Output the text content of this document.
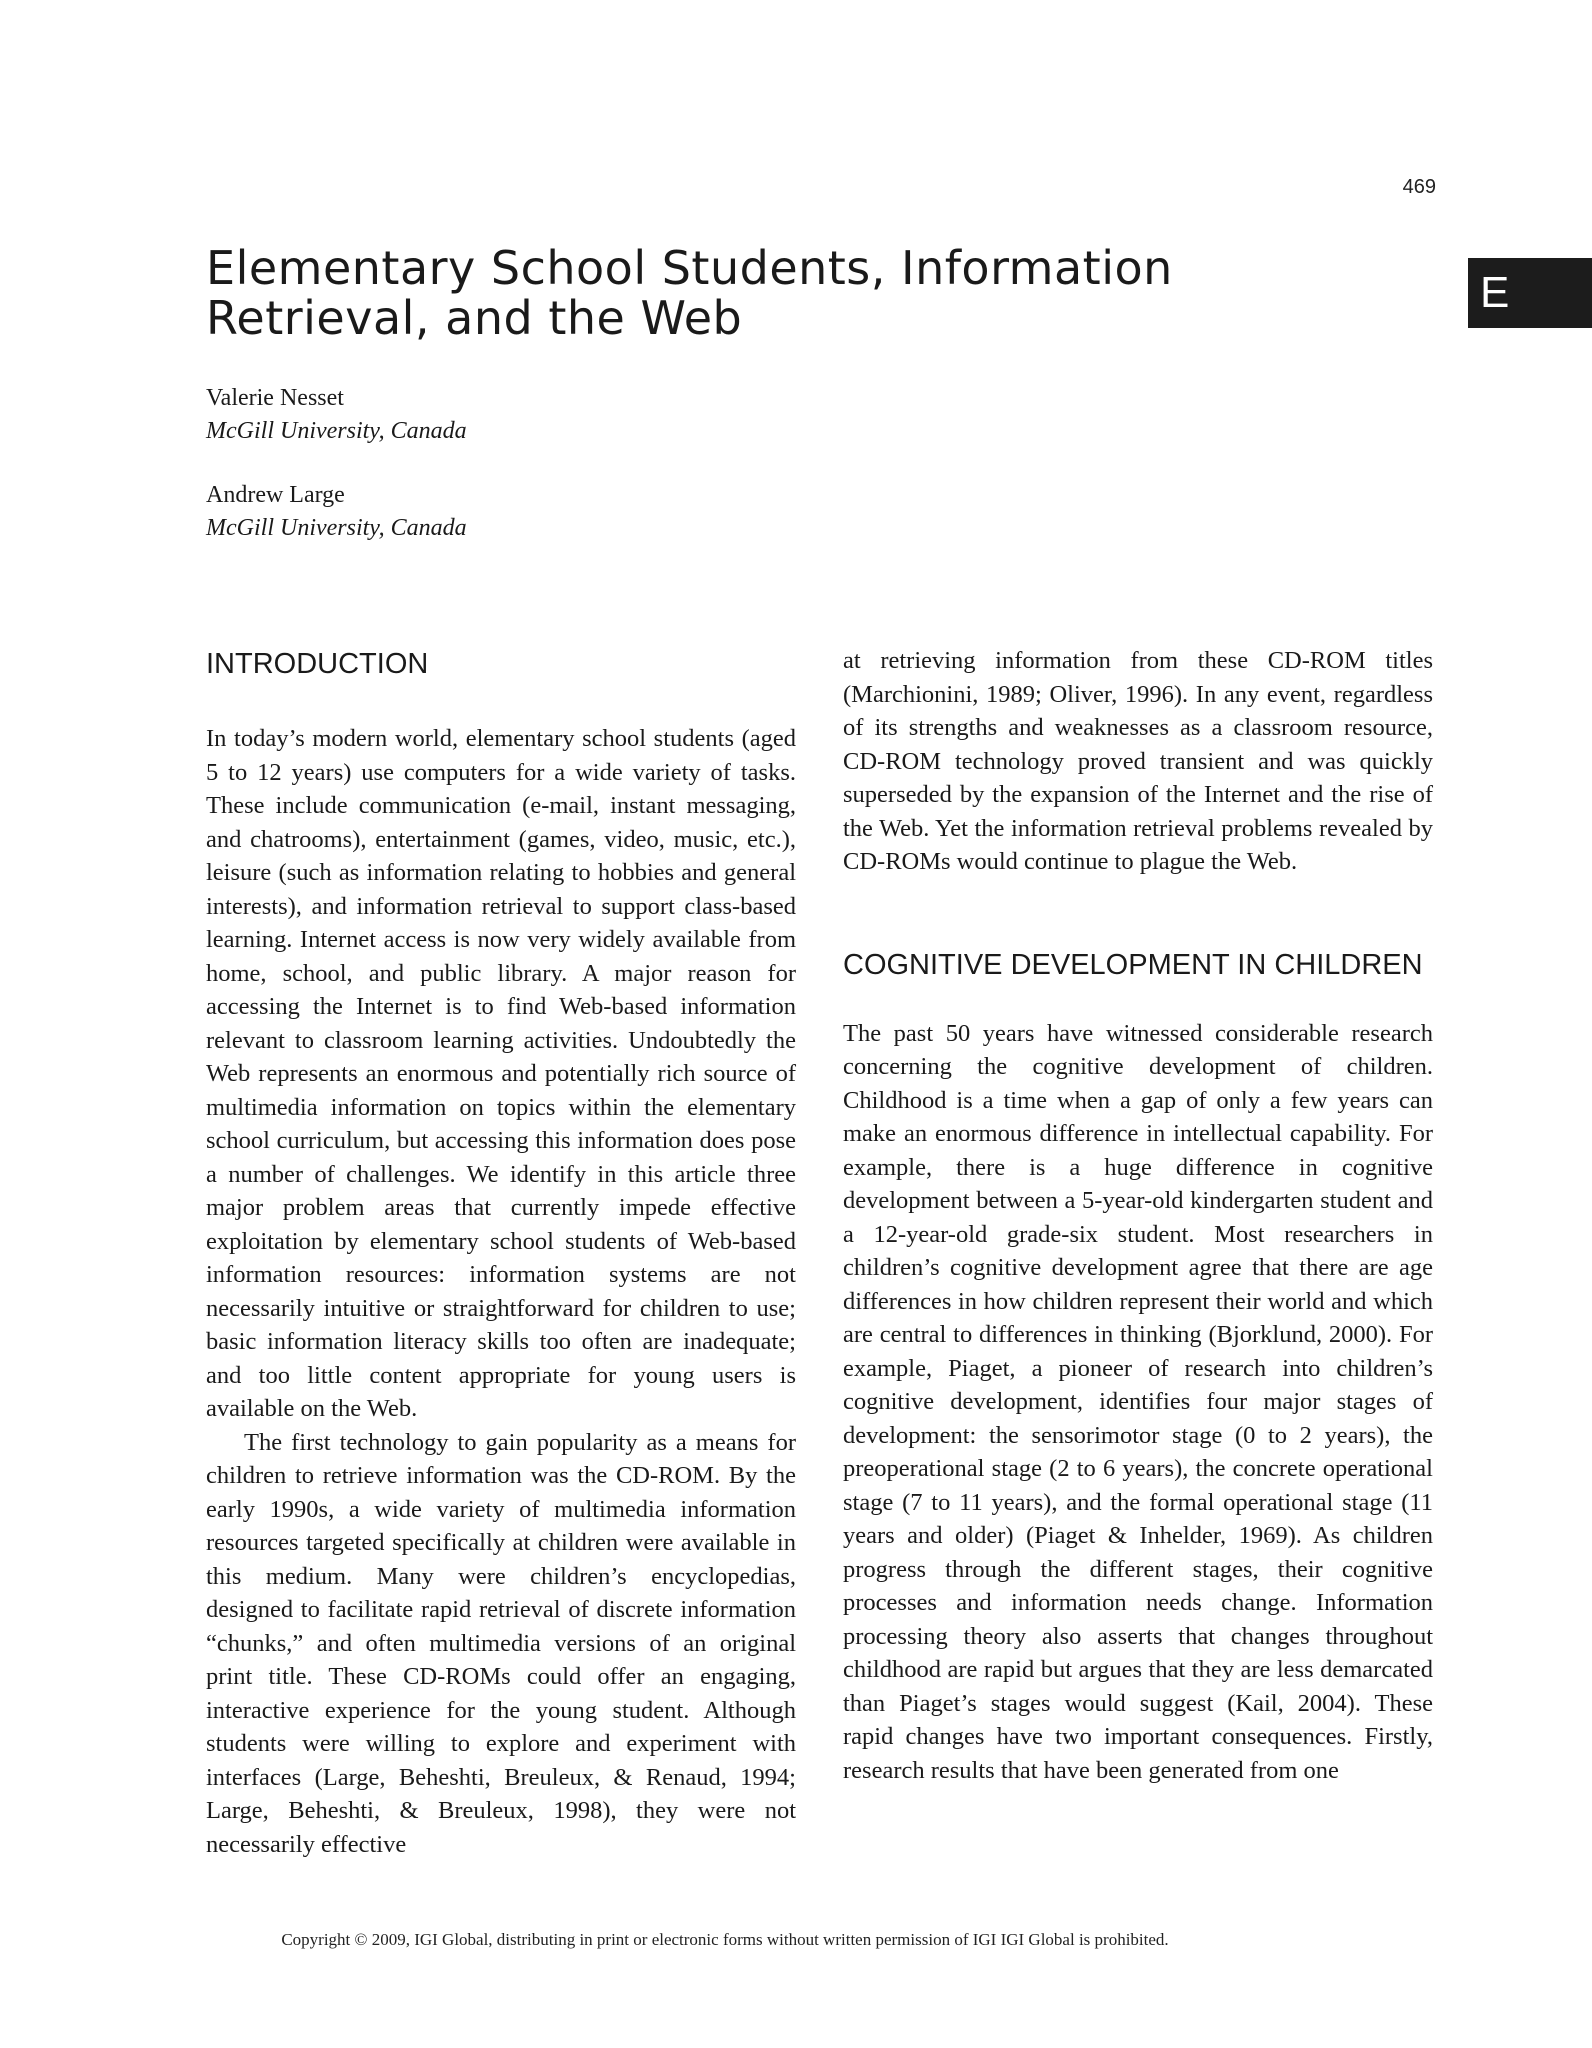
469
E
Elementary School Students, Information Retrieval, and the Web
Valerie Nesset
McGill University, Canada
Andrew Large
McGill University, Canada
INTRODUCTION

In today’s modern world, elementary school students (aged 5 to 12 years) use computers for a wide variety of tasks. These include communication (e-mail, instant messaging, and chatrooms), entertainment (games, video, music, etc.), leisure (such as information relating to hobbies and general interests), and information retrieval to support class-based learning. Internet access is now very widely available from home, school, and public library. A major reason for accessing the Internet is to find Web-based information relevant to classroom learning activities. Undoubtedly the Web represents an enormous and potentially rich source of multimedia information on topics within the elementary school curriculum, but accessing this information does pose a number of challenges. We identify in this article three major problem areas that currently impede effective exploitation by elementary school students of Web-based information resources: information systems are not necessarily intuitive or straightforward for children to use; basic information literacy skills too often are inadequate; and too little content appropriate for young users is available on the Web.

The first technology to gain popularity as a means for children to retrieve information was the CD-ROM. By the early 1990s, a wide variety of multimedia information resources targeted specifically at children were available in this medium. Many were children’s encyclopedias, designed to facilitate rapid retrieval of discrete information “chunks,” and often multimedia versions of an original print title. These CD-ROMs could offer an engaging, interactive experience for the young student. Although students were willing to explore and experiment with interfaces (Large, Beheshti, Breuleux, & Renaud, 1994; Large, Beheshti, & Breuleux, 1998), they were not necessarily effective

at retrieving information from these CD-ROM titles (Marchionini, 1989; Oliver, 1996). In any event, regardless of its strengths and weaknesses as a classroom resource, CD-ROM technology proved transient and was quickly superseded by the expansion of the Internet and the rise of the Web. Yet the information retrieval problems revealed by CD-ROMs would continue to plague the Web.

COGNITIVE DEVELOPMENT IN CHILDREN

The past 50 years have witnessed considerable research concerning the cognitive development of children. Childhood is a time when a gap of only a few years can make an enormous difference in intellectual capability. For example, there is a huge difference in cognitive development between a 5-year-old kindergarten student and a 12-year-old grade-six student. Most researchers in children’s cognitive development agree that there are age differences in how children represent their world and which are central to differences in thinking (Bjorklund, 2000). For example, Piaget, a pioneer of research into children’s cognitive development, identifies four major stages of development: the sensorimotor stage (0 to 2 years), the preoperational stage (2 to 6 years), the concrete operational stage (7 to 11 years), and the formal operational stage (11 years and older) (Piaget & Inhelder, 1969). As children progress through the different stages, their cognitive processes and information needs change. Information processing theory also asserts that changes throughout childhood are rapid but argues that they are less demarcated than Piaget’s stages would suggest (Kail, 2004). These rapid changes have two important consequences. Firstly, research results that have been generated from one

Copyright © 2009, IGI Global, distributing in print or electronic forms without written permission of IGI IGI Global is prohibited.
